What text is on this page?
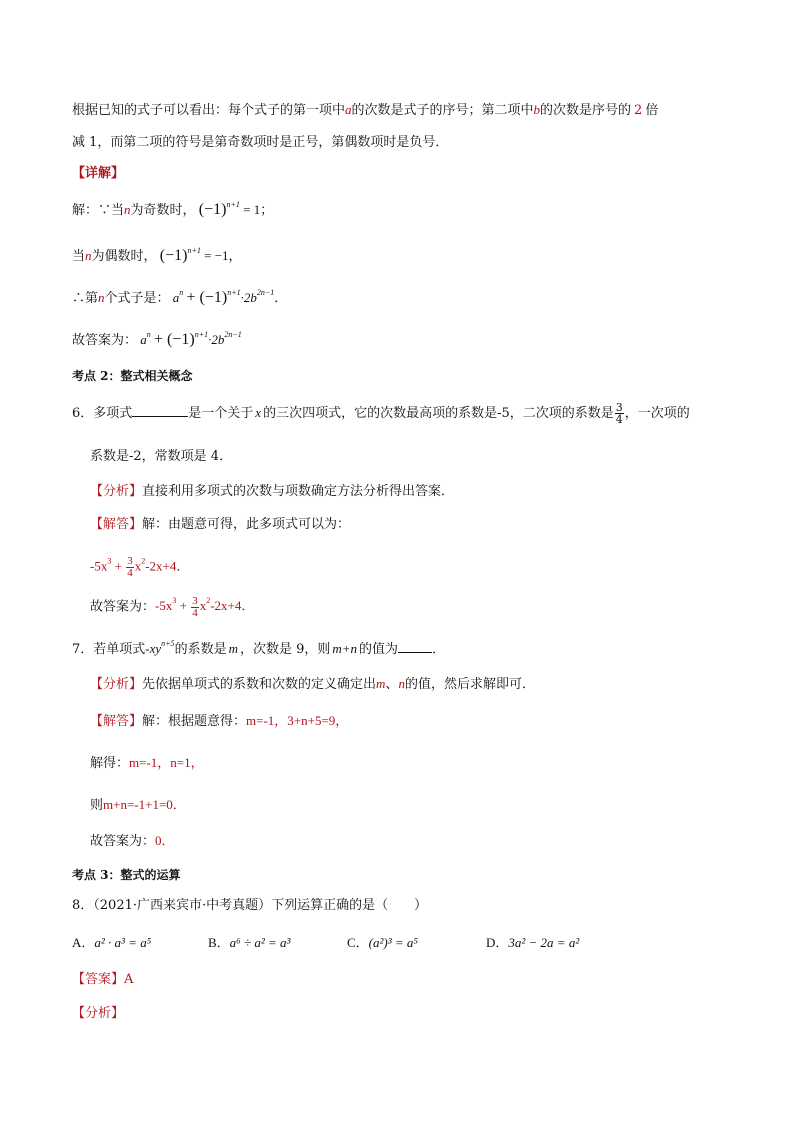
根据已知的式子可以看出：每个式子的第一项中a的次数是式子的序号；第二项中b的次数是序号的 2 倍
减 1，而第二项的符号是第奇数项时是正号，第偶数项时是负号．
【详解】
解：∵当n为奇数时， $(-1)^{n+1} = 1$；
当n为偶数时， $(-1)^{n+1} = -1$，
∴第n个式子是： $a^n + (-1)^{n+1}\cdot 2b^{2n-1}$．
故答案为： $a^n + (-1)^{n+1}\cdot 2b^{2n-1}$
考点 2：整式相关概念
6．多项式	是一个关于 x 的三次四项式，它的次数最高项的系数是-5，二次项的系数是 $\frac{3}{4}$ ，一次项的
系数是-2，常数项是 4．
【分析】直接利用多项式的次数与项数确定方法分析得出答案．
【解答】解：由题意可得，此多项式可以为：
$-5x^3 + \frac{3}{4} x^2-2x+4$．
故答案为：$-5x^3 + \frac{3}{4} x^2-2x+4$．
7．若单项式$-xy^{n+5}$的系数是 m ，次数是 9，则 m+n 的值为	．
【分析】先依据单项式的系数和次数的定义确定出m、n的值，然后求解即可．
【解答】解：根据题意得：m=-1，3+n+5=9，
解得：m=-1，n=1，
则m+n=-1+1=0．
故答案为：0．
考点 3：整式的运算
8．（2021·广西来宾市·中考真题）下列运算正确的是（　　）
A．a² · a³ = a⁵	B．a⁶ ÷ a² = a³	C．(a²)³ = a⁵	D．3a² − 2a = a²
【答案】A
【分析】
